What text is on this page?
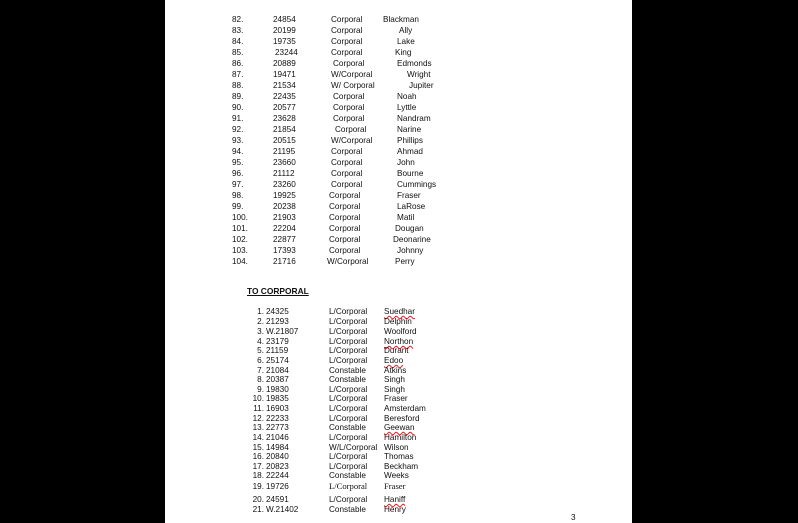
82.	24854	Corporal	Blackman
83.	20199	Corporal	Ally
84.	19735	Corporal	Lake
85.	23244	Corporal	King
86.	20889	Corporal	Edmonds
87.	19471	W/Corporal	Wright
88.	21534	W/ Corporal	Jupiter
89.	22435	Corporal	Noah
90.	20577	Corporal	Lyttle
91.	23628	Corporal	Nandram
92.	21854	Corporal	Narine
93.	20515	W/Corporal	Phillips
94.	21195	Corporal	Ahmad
95.	23660	Corporal	John
96.	21112	Corporal	Bourne
97.	23260	Corporal	Cummings
98.	19925	Corporal	Fraser
99.	20238	Corporal	LaRose
100.	21903	Corporal	Matil
101.	22204	Corporal	Dougan
102.	22877	Corporal	Deonarine
103.	17393	Corporal	Johnny
104.	21716	W/Corporal	Perry
TO CORPORAL
1. 24325	L/Corporal Suedhar
2. 21293	L/Corporal Delphin
3. W.21807	L/Corporal Woolford
4. 23179	L/Corporal Northon
5. 21159	L/Corporal Durant
6. 25174	L/Corporal Edoo
7. 21084	Constable Atkins
8. 20387	Constable Singh
9. 19830	L/Corporal Singh
10. 19835	L/Corporal Fraser
11. 16903	L/Corporal Amsterdam
12. 22233	L/Corporal Beresford
13. 22773	Constable Geewan
14. 21046	L/Corporal Hamilton
15. 14984	W/L/Corporal Wilson
16. 20840	L/Corporal Thomas
17. 20823	L/Corporal Beckham
18. 22244	Constable Weeks
19. 19726	L/Corporal Fraser
20. 24591	L/Corporal Haniff
21. W.21402	Constable Henry
3
